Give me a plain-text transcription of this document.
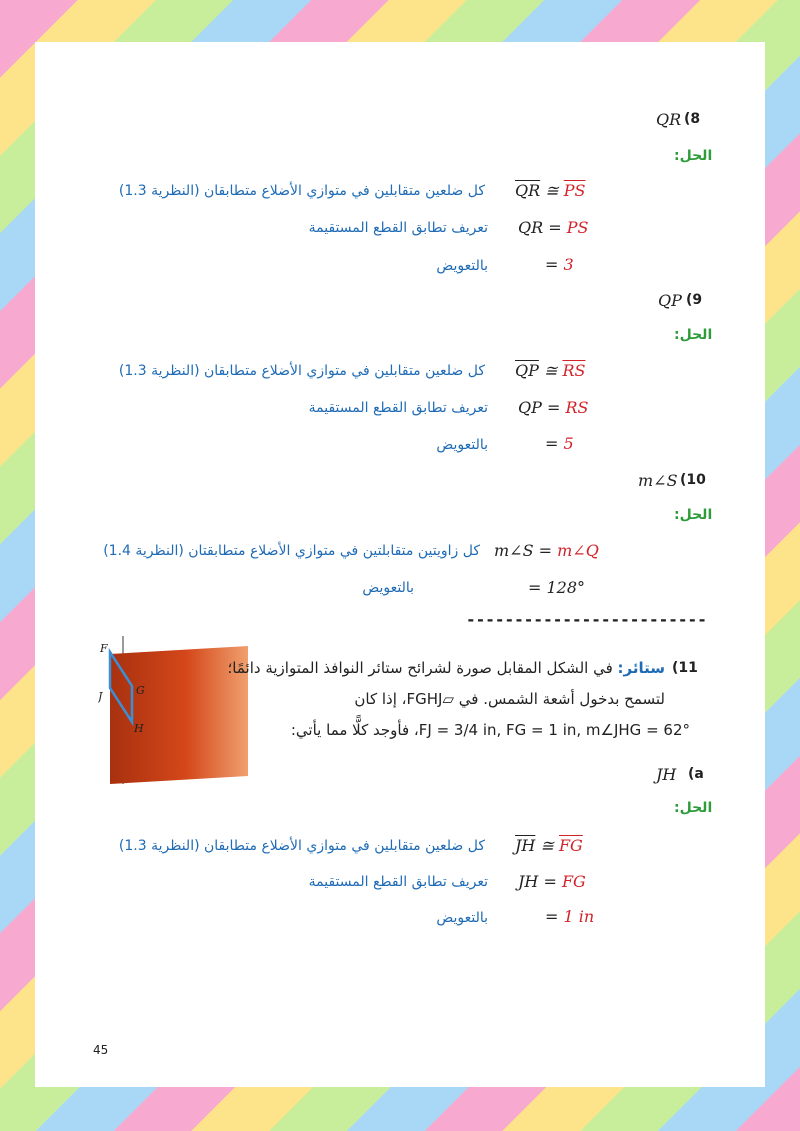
QR (8
الحل:
$\overline{QR}$ ≅ $\overline{PS}$
كل ضلعين متقابلين في متوازي الأضلاع متطابقان (النظرية 1.3)
QR = PS
تعريف تطابق القطع المستقيمة
= 3
بالتعويض
QP (9
الحل:
$\overline{QP}$ ≅ $\overline{RS}$
كل ضلعين متقابلين في متوازي الأضلاع متطابقان (النظرية 1.3)
QP = RS
تعريف تطابق القطع المستقيمة
= 5
بالتعويض
m∠S (10
الحل:
m∠S = m∠Q
كل زاويتين متقابلتين في متوازي الأضلاع متطابقتان (النظرية 1.4)
= 128°
بالتعويض
-------------------------
F
J	G
H
(11
ستائر: في الشكل المقابل صورة لشرائح ستائر النوافذ المتوازية دائمًا؛
لتسمح بدخول أشعة الشمس. في ▱FGHJ، إذا كان
FJ = 3/4 in, FG = 1 in, m∠JHG = 62°، فأوجد كلًّا مما يأتي:
JH (a
الحل:
$\overline{JH}$ ≅ $\overline{FG}$
كل ضلعين متقابلين في متوازي الأضلاع متطابقان (النظرية 1.3)
JH = FG
تعريف تطابق القطع المستقيمة
= 1 in
بالتعويض
45
